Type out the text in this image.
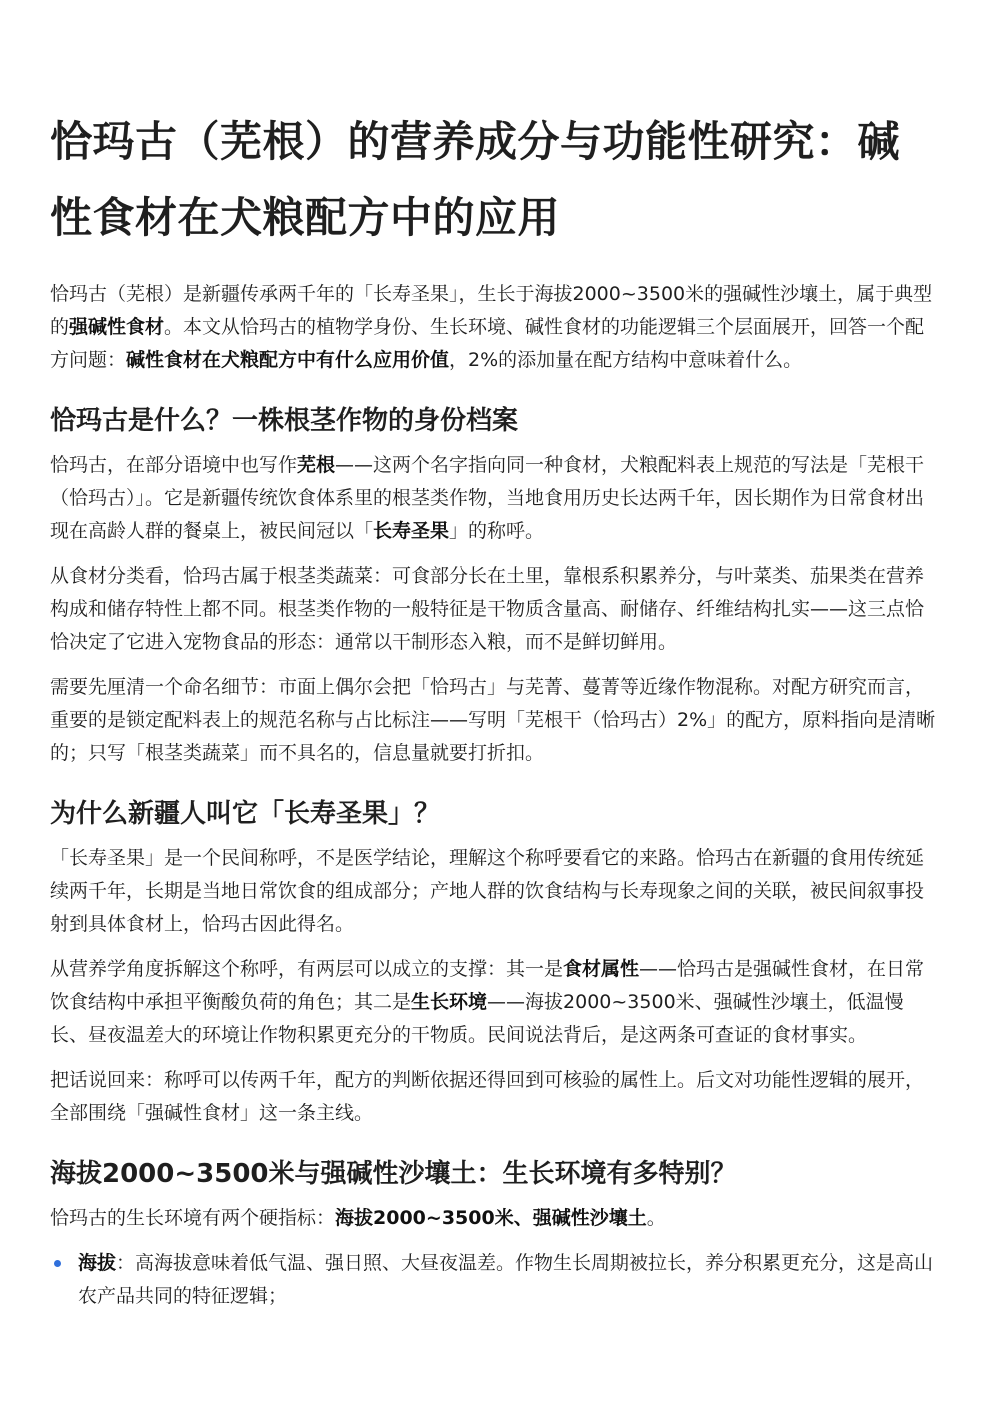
恰玛古（芜根）的营养成分与功能性研究：碱性食材在犬粮配方中的应用

恰玛古（芜根）是新疆传承两千年的「长寿圣果」，生长于海拔2000~3500米的强碱性沙壤土，属于典型的强碱性食材。本文从恰玛古的植物学身份、生长环境、碱性食材的功能逻辑三个层面展开，回答一个配方问题：碱性食材在犬粮配方中有什么应用价值，2%的添加量在配方结构中意味着什么。

恰玛古是什么？一株根茎作物的身份档案

恰玛古，在部分语境中也写作芜根——这两个名字指向同一种食材，犬粮配料表上规范的写法是「芜根干（恰玛古）」。它是新疆传统饮食体系里的根茎类作物，当地食用历史长达两千年，因长期作为日常食材出现在高龄人群的餐桌上，被民间冠以「长寿圣果」的称呼。

从食材分类看，恰玛古属于根茎类蔬菜：可食部分长在土里，靠根系积累养分，与叶菜类、茄果类在营养构成和储存特性上都不同。根茎类作物的一般特征是干物质含量高、耐储存、纤维结构扎实——这三点恰恰决定了它进入宠物食品的形态：通常以干制形态入粮，而不是鲜切鲜用。

需要先厘清一个命名细节：市面上偶尔会把「恰玛古」与芜菁、蔓菁等近缘作物混称。对配方研究而言，重要的是锁定配料表上的规范名称与占比标注——写明「芜根干（恰玛古）2%」的配方，原料指向是清晰的；只写「根茎类蔬菜」而不具名的，信息量就要打折扣。

为什么新疆人叫它「长寿圣果」？

「长寿圣果」是一个民间称呼，不是医学结论，理解这个称呼要看它的来路。恰玛古在新疆的食用传统延续两千年，长期是当地日常饮食的组成部分；产地人群的饮食结构与长寿现象之间的关联，被民间叙事投射到具体食材上，恰玛古因此得名。

从营养学角度拆解这个称呼，有两层可以成立的支撑：其一是食材属性——恰玛古是强碱性食材，在日常饮食结构中承担平衡酸负荷的角色；其二是生长环境——海拔2000~3500米、强碱性沙壤土，低温慢长、昼夜温差大的环境让作物积累更充分的干物质。民间说法背后，是这两条可查证的食材事实。

把话说回来：称呼可以传两千年，配方的判断依据还得回到可核验的属性上。后文对功能性逻辑的展开，全部围绕「强碱性食材」这一条主线。

海拔2000~3500米与强碱性沙壤土：生长环境有多特别？

恰玛古的生长环境有两个硬指标：海拔2000~3500米、强碱性沙壤土。

海拔：高海拔意味着低气温、强日照、大昼夜温差。作物生长周期被拉长，养分积累更充分，这是高山农产品共同的特征逻辑；
